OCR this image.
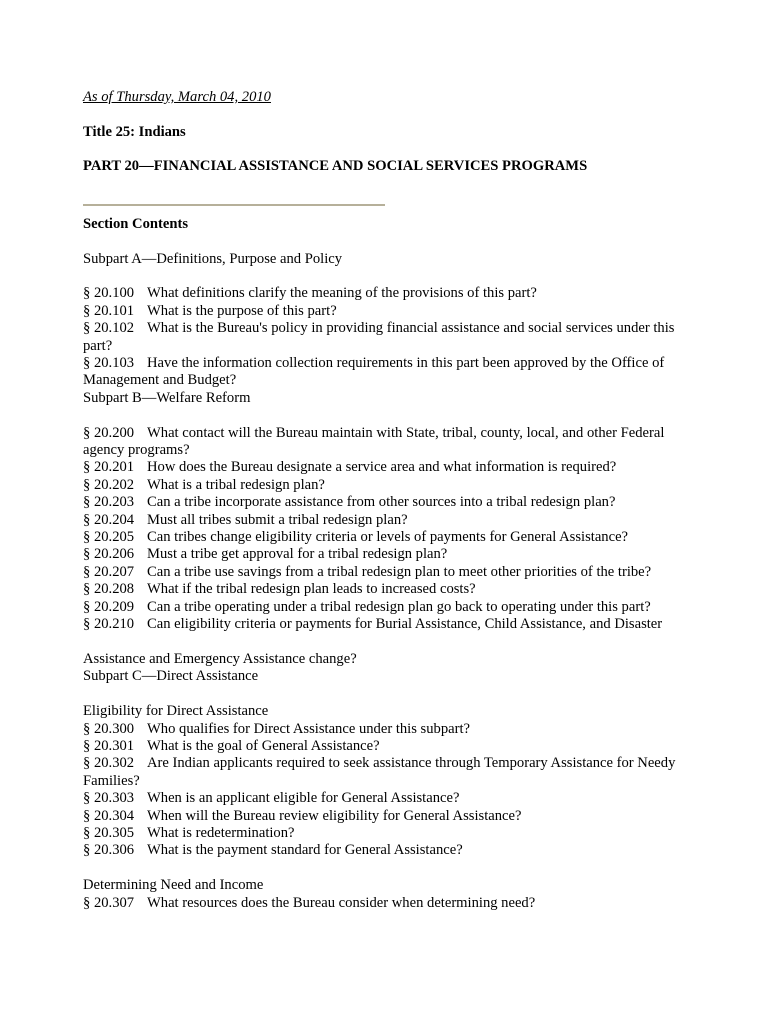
As of Thursday, March 04, 2010

Title 25: Indians

PART 20—FINANCIAL ASSISTANCE AND SOCIAL SERVICES PROGRAMS

Section Contents

Subpart A—Definitions, Purpose and Policy

§ 20.100 What definitions clarify the meaning of the provisions of this part?

§ 20.101 What is the purpose of this part?

§ 20.102 What is the Bureau's policy in providing financial assistance and social services under this part?

§ 20.103 Have the information collection requirements in this part been approved by the Office of Management and Budget?

Subpart B—Welfare Reform

§ 20.200 What contact will the Bureau maintain with State, tribal, county, local, and other Federal agency programs?

§ 20.201 How does the Bureau designate a service area and what information is required?

§ 20.202 What is a tribal redesign plan?

§ 20.203 Can a tribe incorporate assistance from other sources into a tribal redesign plan?

§ 20.204 Must all tribes submit a tribal redesign plan?

§ 20.205 Can tribes change eligibility criteria or levels of payments for General Assistance?

§ 20.206 Must a tribe get approval for a tribal redesign plan?

§ 20.207 Can a tribe use savings from a tribal redesign plan to meet other priorities of the tribe?

§ 20.208 What if the tribal redesign plan leads to increased costs?

§ 20.209 Can a tribe operating under a tribal redesign plan go back to operating under this part?

§ 20.210 Can eligibility criteria or payments for Burial Assistance, Child Assistance, and Disaster

Assistance and Emergency Assistance change?

Subpart C—Direct Assistance

Eligibility for Direct Assistance

§ 20.300 Who qualifies for Direct Assistance under this subpart?

§ 20.301 What is the goal of General Assistance?

§ 20.302 Are Indian applicants required to seek assistance through Temporary Assistance for Needy Families?

§ 20.303 When is an applicant eligible for General Assistance?

§ 20.304 When will the Bureau review eligibility for General Assistance?

§ 20.305 What is redetermination?

§ 20.306 What is the payment standard for General Assistance?

Determining Need and Income

§ 20.307 What resources does the Bureau consider when determining need?
